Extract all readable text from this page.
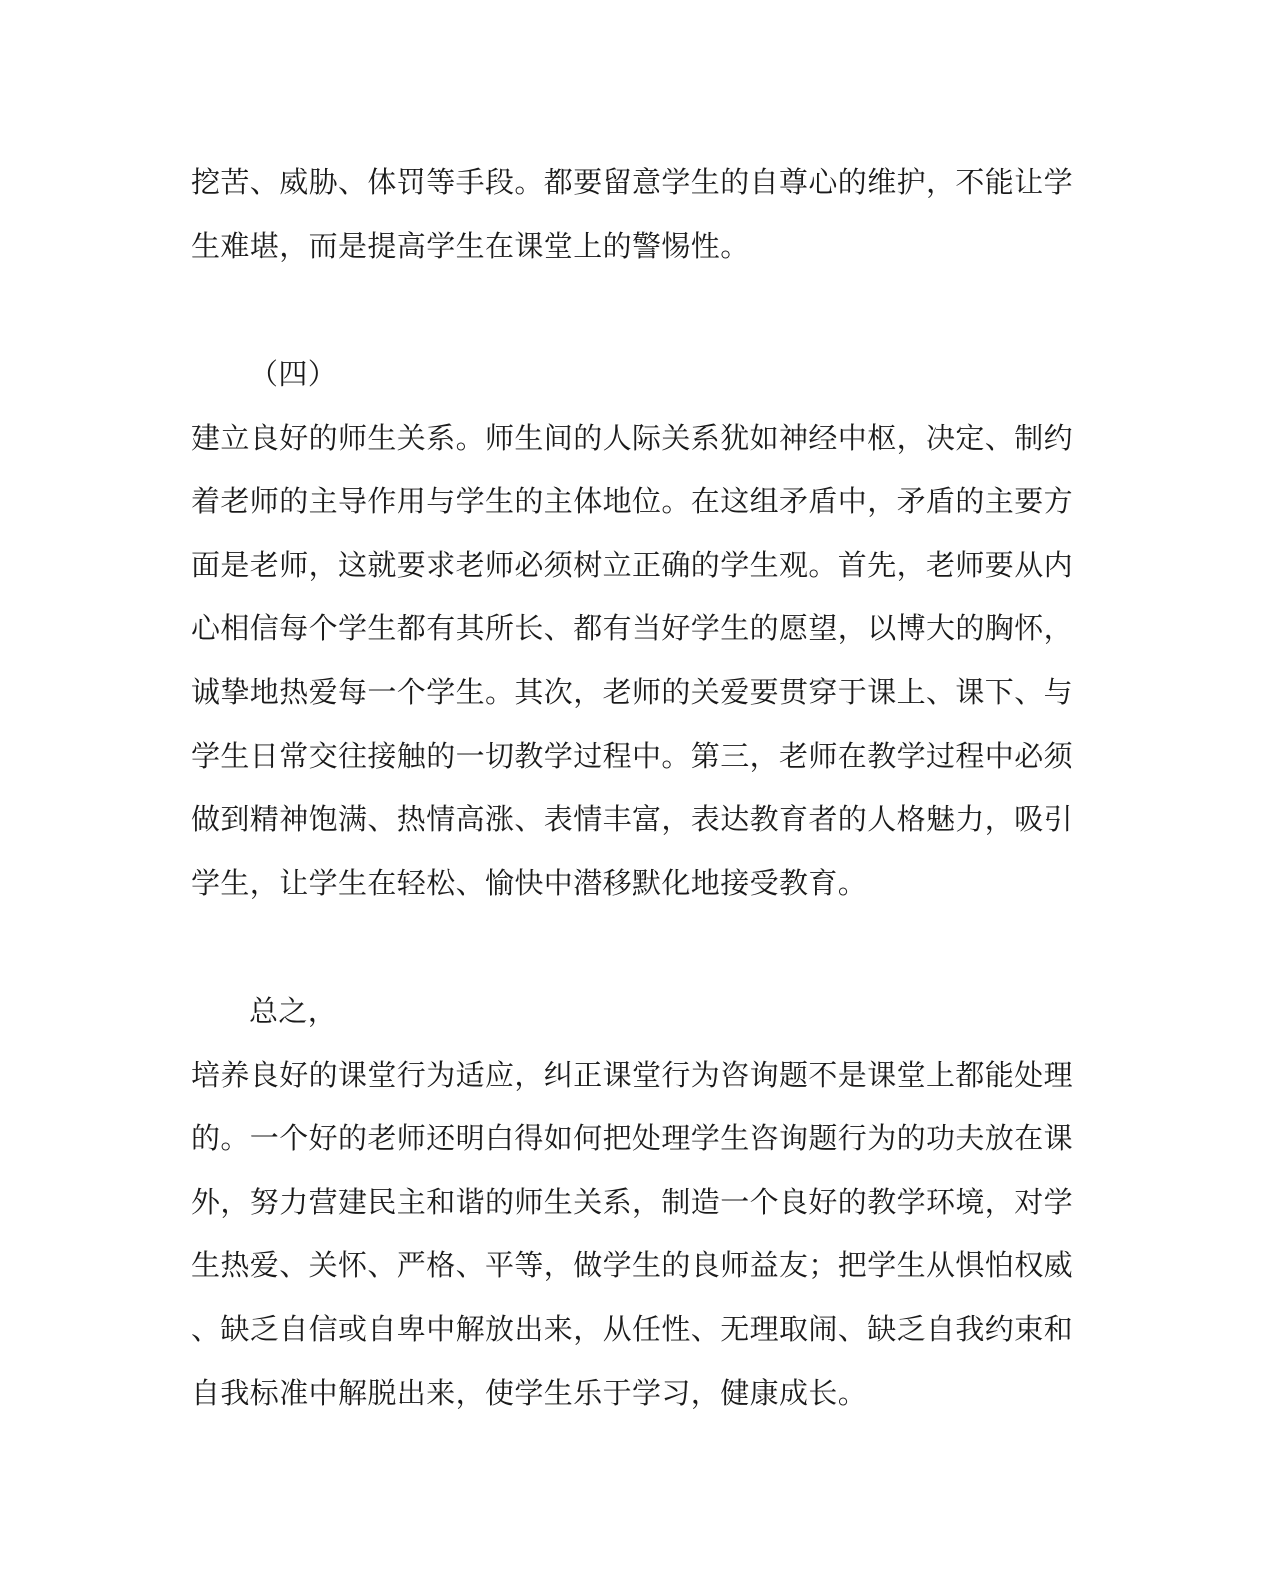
挖苦、威胁、体罚等手段。都要留意学生的自尊心的维护，不能让学
生难堪，而是提高学生在课堂上的警惕性。
（四）
建立良好的师生关系。师生间的人际关系犹如神经中枢，决定、制约
着老师的主导作用与学生的主体地位。在这组矛盾中，矛盾的主要方
面是老师，这就要求老师必须树立正确的学生观。首先，老师要从内
心相信每个学生都有其所长、都有当好学生的愿望，以博大的胸怀，
诚挚地热爱每一个学生。其次，老师的关爱要贯穿于课上、课下、与
学生日常交往接触的一切教学过程中。第三，老师在教学过程中必须
做到精神饱满、热情高涨、表情丰富，表达教育者的人格魅力，吸引
学生，让学生在轻松、愉快中潜移默化地接受教育。
总之，
培养良好的课堂行为适应，纠正课堂行为咨询题不是课堂上都能处理
的。一个好的老师还明白得如何把处理学生咨询题行为的功夫放在课
外，努力营建民主和谐的师生关系，制造一个良好的教学环境，对学
生热爱、关怀、严格、平等，做学生的良师益友；把学生从惧怕权威
、缺乏自信或自卑中解放出来，从任性、无理取闹、缺乏自我约束和
自我标准中解脱出来，使学生乐于学习，健康成长。
